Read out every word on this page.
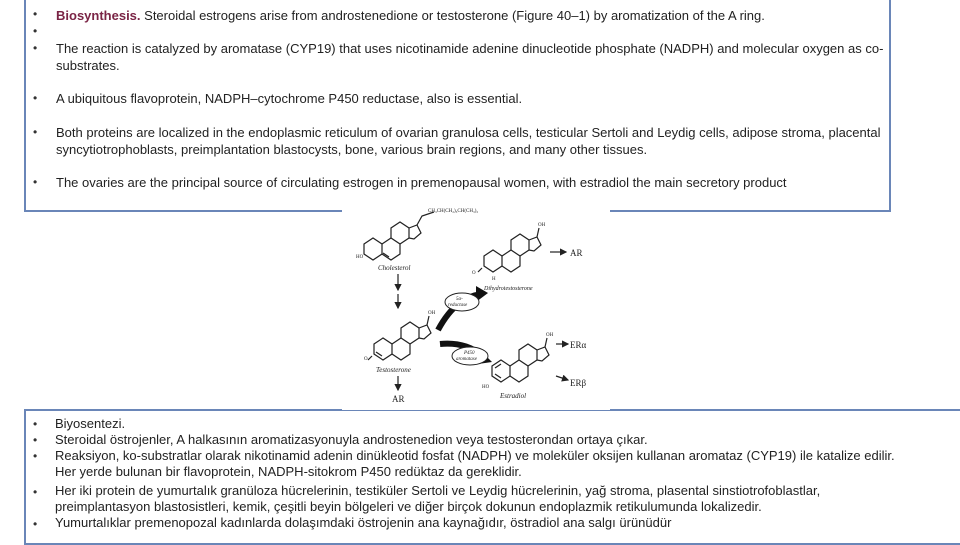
• Biosynthesis. Steroidal estrogens arise from androstenedione or testosterone (Figure 40–1) by aromatization of the A ring.
•
• The reaction is catalyzed by aromatase (CYP19) that uses nicotinamide adenine dinucleotide phosphate (NADPH) and molecular oxygen as co-substrates.
• A ubiquitous flavoprotein, NADPH–cytochrome P450 reductase, also is essential.
• Both proteins are localized in the endoplasmic reticulum of ovarian granulosa cells, testicular Sertoli and Leydig cells, adipose stroma, placental syncytiotrophoblasts, preimplantation blastocysts, bone, various brain regions, and many other tissues.
• The ovaries are the principal source of circulating estrogen in premenopausal women, with estradiol the main secretory product
• Biyosentezi.
• Steroidal östrojenler, A halkasının aromatizasyonuyla androstenedion veya testosterondan ortaya çıkar.
• Reaksiyon, ko-substratlar olarak nikotinamid adenin dinükleotid fosfat (NADPH) ve moleküler oksijen kullanan aromataz (CYP19) ile katalize edilir.
Her yerde bulunan bir flavoprotein, NADPH-sitokrom P450 redüktaz da gereklidir.
• Her iki protein de yumurtalık granüloza hücrelerinin, testiküler Sertoli ve Leydig hücrelerinin, yağ stroma, plasental sinstiotrofoblastlar,
preimplantasyon blastosistleri, kemik, çeşitli beyin bölgeleri ve diğer birçok dokunun endoplazmik retikulumunda lokalizedir.
• Yumurtalıklar premenopozal kadınlarda dolaşımdaki östrojenin ana kaynağıdır, östradiol ana salgı ürünüdür
CH₃CH(CH₂)₃CH(CH₃)₂
HO
Cholesterol
OH
O
H
Dihydrotestosterone
AR
5α-
reductase
OH
O
P450
aromatase
Testosterone
AR
OH
ERα
ERβ
HO
Estradiol
